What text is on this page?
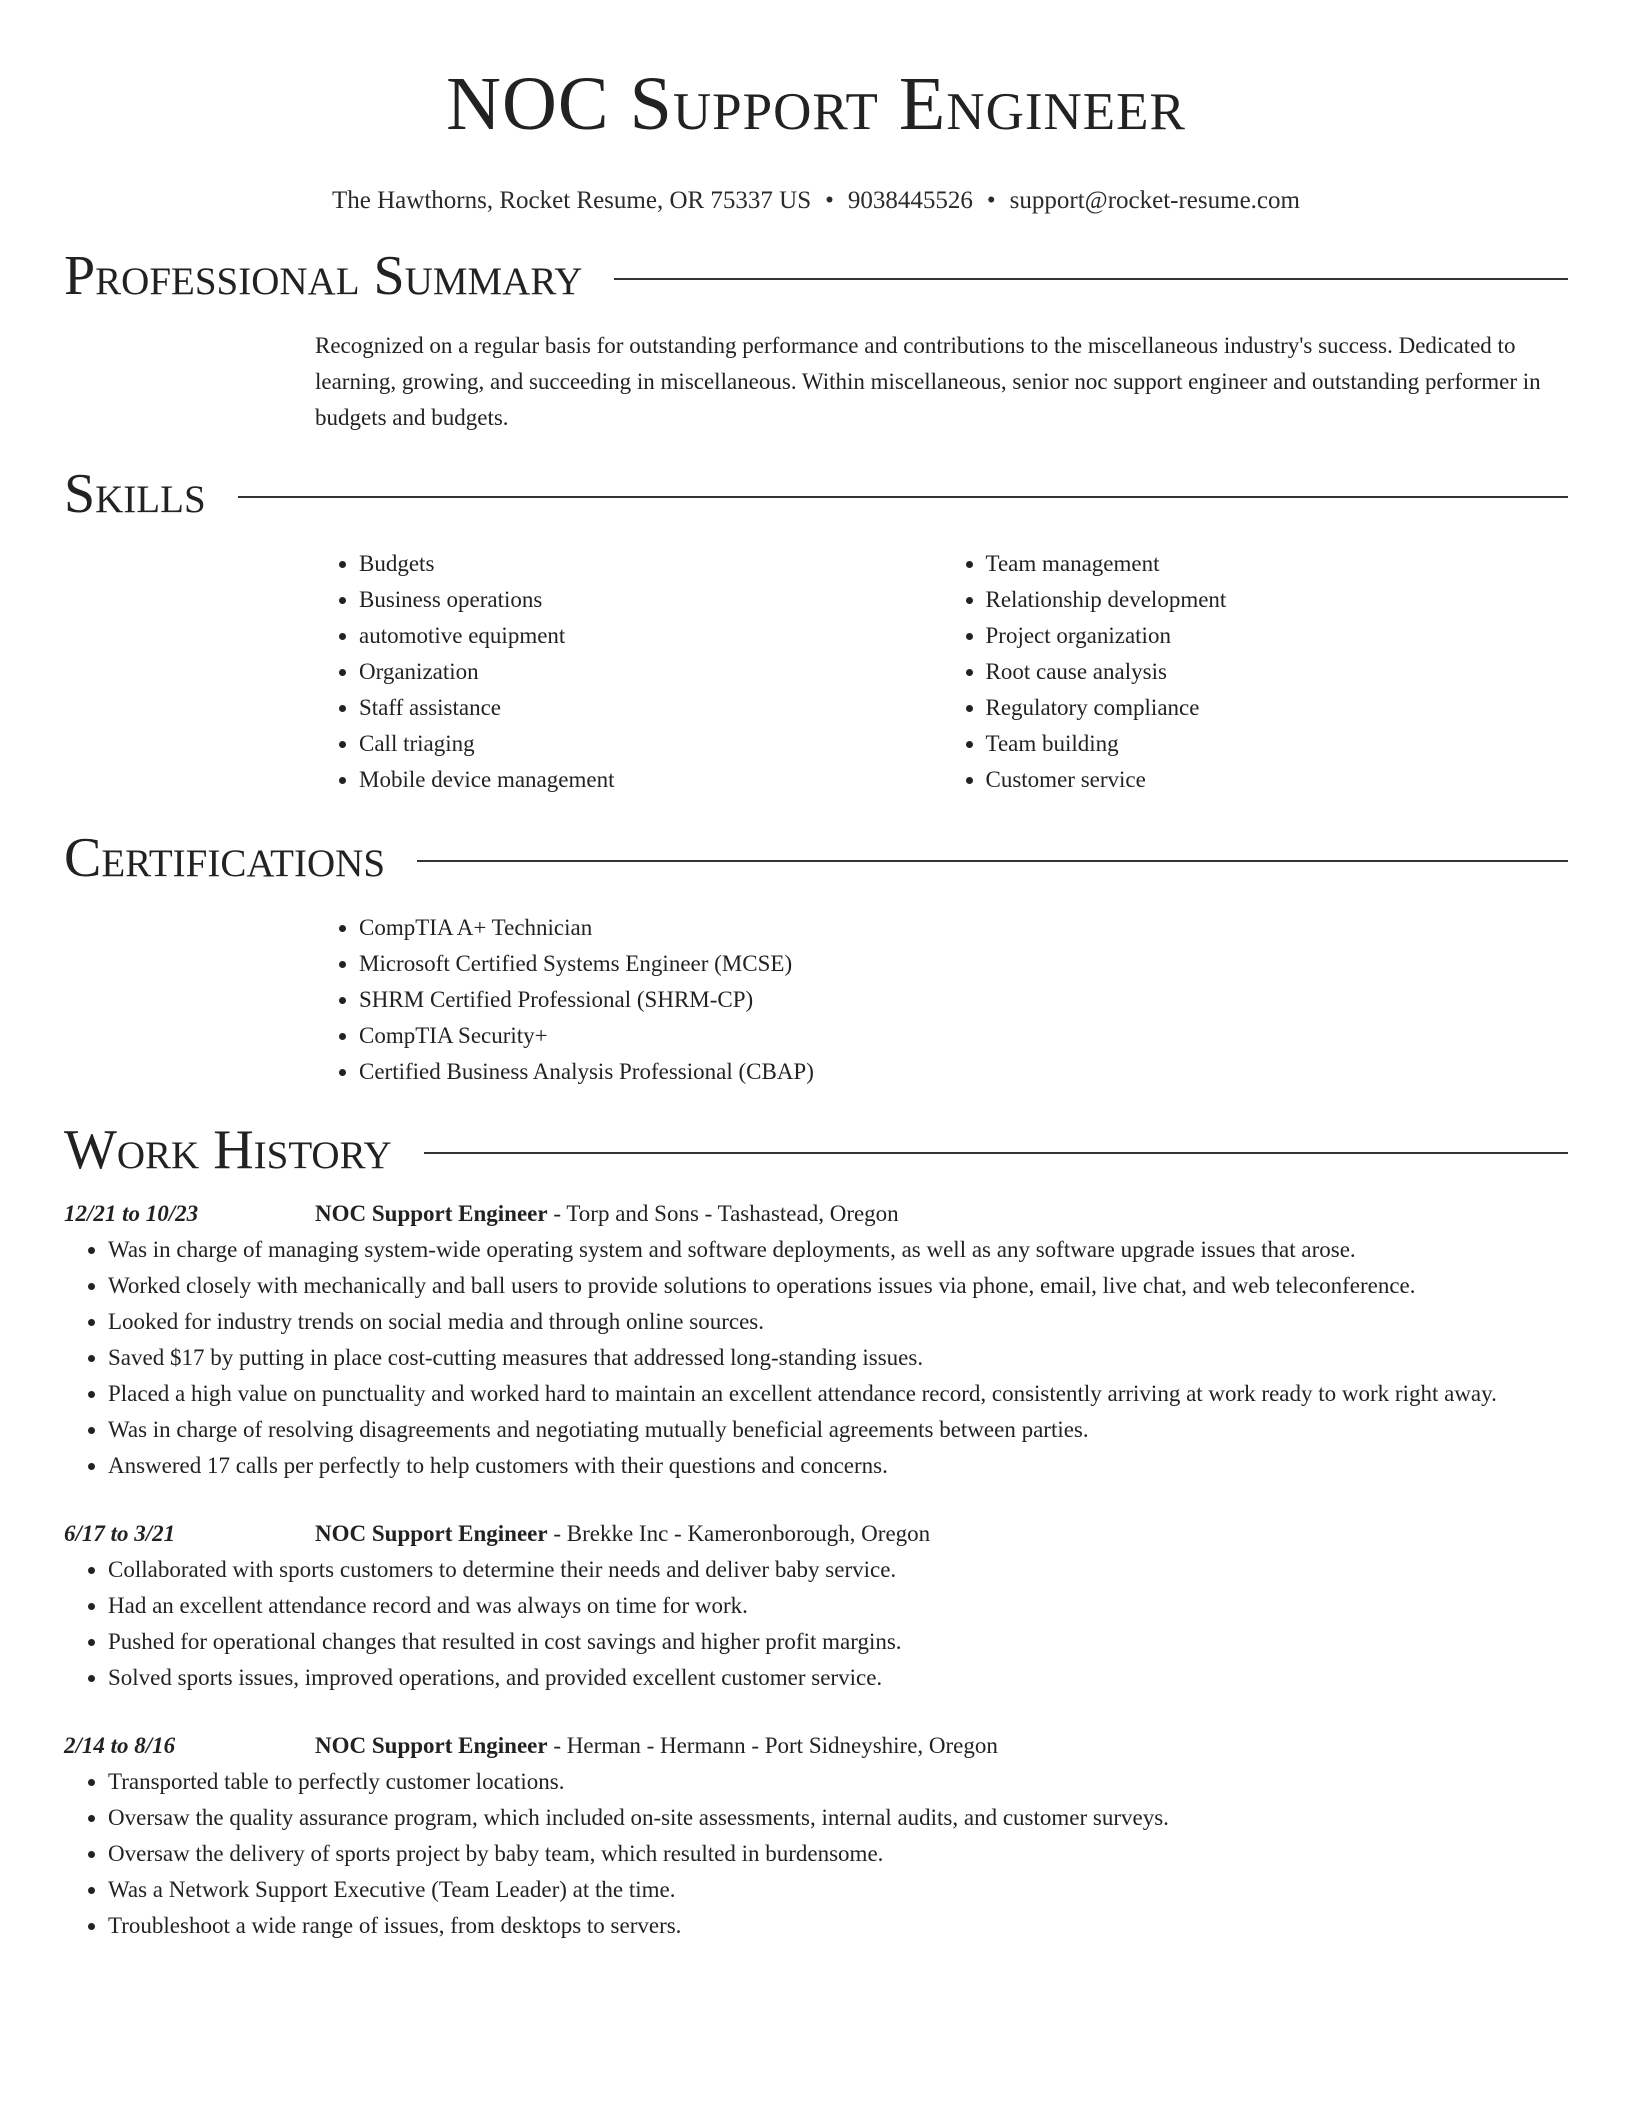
NOC Support Engineer
The Hawthorns, Rocket Resume, OR 75337 US • 9038445526 • support@rocket-resume.com
Professional Summary

Recognized on a regular basis for outstanding performance and contributions to the miscellaneous industry's success. Dedicated to learning, growing, and succeeding in miscellaneous. Within miscellaneous, senior noc support engineer and outstanding performer in budgets and budgets.

Skills
• Budgets
• Business operations
• automotive equipment
• Organization
• Staff assistance
• Call triaging
• Mobile device management
• Team management
• Relationship development
• Project organization
• Root cause analysis
• Regulatory compliance
• Team building
• Customer service
Certifications
• CompTIA A+ Technician
• Microsoft Certified Systems Engineer (MCSE)
• SHRM Certified Professional (SHRM-CP)
• CompTIA Security+
• Certified Business Analysis Professional (CBAP)
Work History
12/21 to 10/23	NOC Support Engineer - Torp and Sons - Tashastead, Oregon
• Was in charge of managing system-wide operating system and software deployments, as well as any software upgrade issues that arose.
• Worked closely with mechanically and ball users to provide solutions to operations issues via phone, email, live chat, and web teleconference.
• Looked for industry trends on social media and through online sources.
• Saved $17 by putting in place cost-cutting measures that addressed long-standing issues.
• Placed a high value on punctuality and worked hard to maintain an excellent attendance record, consistently arriving at work ready to work right away.
• Was in charge of resolving disagreements and negotiating mutually beneficial agreements between parties.
• Answered 17 calls per perfectly to help customers with their questions and concerns.
6/17 to 3/21	NOC Support Engineer - Brekke Inc - Kameronborough, Oregon
• Collaborated with sports customers to determine their needs and deliver baby service.
• Had an excellent attendance record and was always on time for work.
• Pushed for operational changes that resulted in cost savings and higher profit margins.
• Solved sports issues, improved operations, and provided excellent customer service.
2/14 to 8/16	NOC Support Engineer - Herman - Hermann - Port Sidneyshire, Oregon
• Transported table to perfectly customer locations.
• Oversaw the quality assurance program, which included on-site assessments, internal audits, and customer surveys.
• Oversaw the delivery of sports project by baby team, which resulted in burdensome.
• Was a Network Support Executive (Team Leader) at the time.
• Troubleshoot a wide range of issues, from desktops to servers.
